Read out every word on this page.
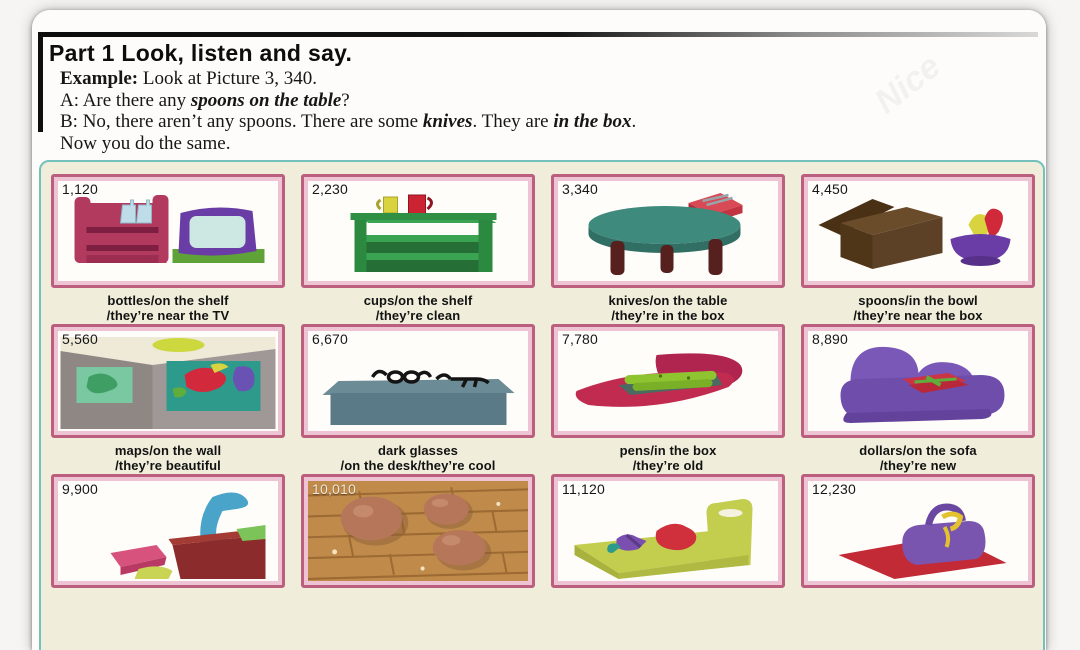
Part 1 Look, listen and say.
Example: Look at Picture 3, 340.
A: Are there any spoons on the table?
B: No, there aren’t any spoons. There are some knives. They are in the box.
Now you do the same.
Nice
1,120
bottles/on the shelf
/they’re near the TV
2,230
cups/on the shelf
/they’re clean
3,340
knives/on the table
/they’re in the box
4,450
spoons/in the bowl
/they’re near the box
5,560
maps/on the wall
/they’re beautiful
6,670
dark glasses
/on the desk/they’re cool
7,780
pens/in the box
/they’re old
8,890
dollars/on the sofa
/they’re new
9,900	10,010	11,120	12,230
